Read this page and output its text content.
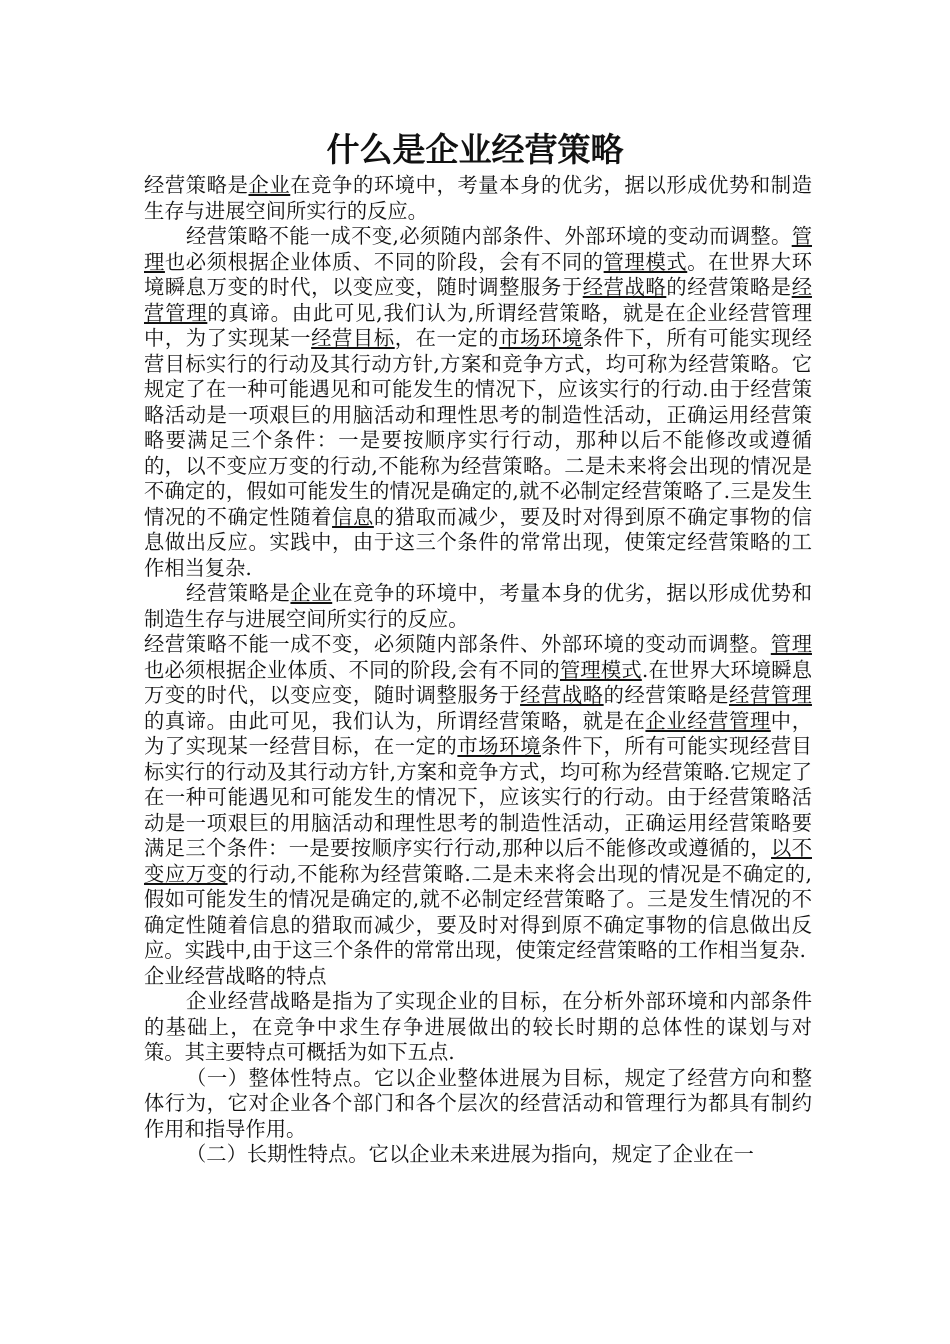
什么是企业经营策略

经营策略是企业在竞争的环境中，考量本身的优劣，据以形成优势和制造生存与进展空间所实行的反应。

经营策略不能一成不变,必须随内部条件、外部环境的变动而调整。管理也必须根据企业体质、不同的阶段，会有不同的管理模式。在世界大环境瞬息万变的时代，以变应变，随时调整服务于经营战略的经营策略是经营管理的真谛。由此可见,我们认为,所谓经营策略，就是在企业经营管理中，为了实现某一经营目标，在一定的市场环境条件下，所有可能实现经营目标实行的行动及其行动方针,方案和竞争方式，均可称为经营策略。它规定了在一种可能遇见和可能发生的情况下，应该实行的行动.由于经营策略活动是一项艰巨的用脑活动和理性思考的制造性活动，正确运用经营策略要满足三个条件：一是要按顺序实行行动，那种以后不能修改或遵循的，以不变应万变的行动,不能称为经营策略。二是未来将会出现的情况是不确定的，假如可能发生的情况是确定的,就不必制定经营策略了.三是发生情况的不确定性随着信息的猎取而减少，要及时对得到原不确定事物的信息做出反应。实践中，由于这三个条件的常常出现，使策定经营策略的工作相当复杂.

经营策略是企业在竞争的环境中，考量本身的优劣，据以形成优势和制造生存与进展空间所实行的反应。

经营策略不能一成不变，必须随内部条件、外部环境的变动而调整。管理也必须根据企业体质、不同的阶段,会有不同的管理模式.在世界大环境瞬息万变的时代，以变应变，随时调整服务于经营战略的经营策略是经营管理的真谛。由此可见，我们认为，所谓经营策略，就是在企业经营管理中，为了实现某一经营目标，在一定的市场环境条件下，所有可能实现经营目标实行的行动及其行动方针,方案和竞争方式，均可称为经营策略.它规定了在一种可能遇见和可能发生的情况下，应该实行的行动。由于经营策略活动是一项艰巨的用脑活动和理性思考的制造性活动，正确运用经营策略要满足三个条件：一是要按顺序实行行动,那种以后不能修改或遵循的，以不变应万变的行动,不能称为经营策略.二是未来将会出现的情况是不确定的,假如可能发生的情况是确定的,就不必制定经营策略了。三是发生情况的不确定性随着信息的猎取而减少，要及时对得到原不确定事物的信息做出反应。实践中,由于这三个条件的常常出现，使策定经营策略的工作相当复杂.

企业经营战略的特点

企业经营战略是指为了实现企业的目标，在分析外部环境和内部条件的基础上，在竞争中求生存争进展做出的较长时期的总体性的谋划与对策。其主要特点可概括为如下五点.

（一）整体性特点。它以企业整体进展为目标，规定了经营方向和整体行为，它对企业各个部门和各个层次的经营活动和管理行为都具有制约作用和指导作用。

（二）长期性特点。它以企业未来进展为指向，规定了企业在一
